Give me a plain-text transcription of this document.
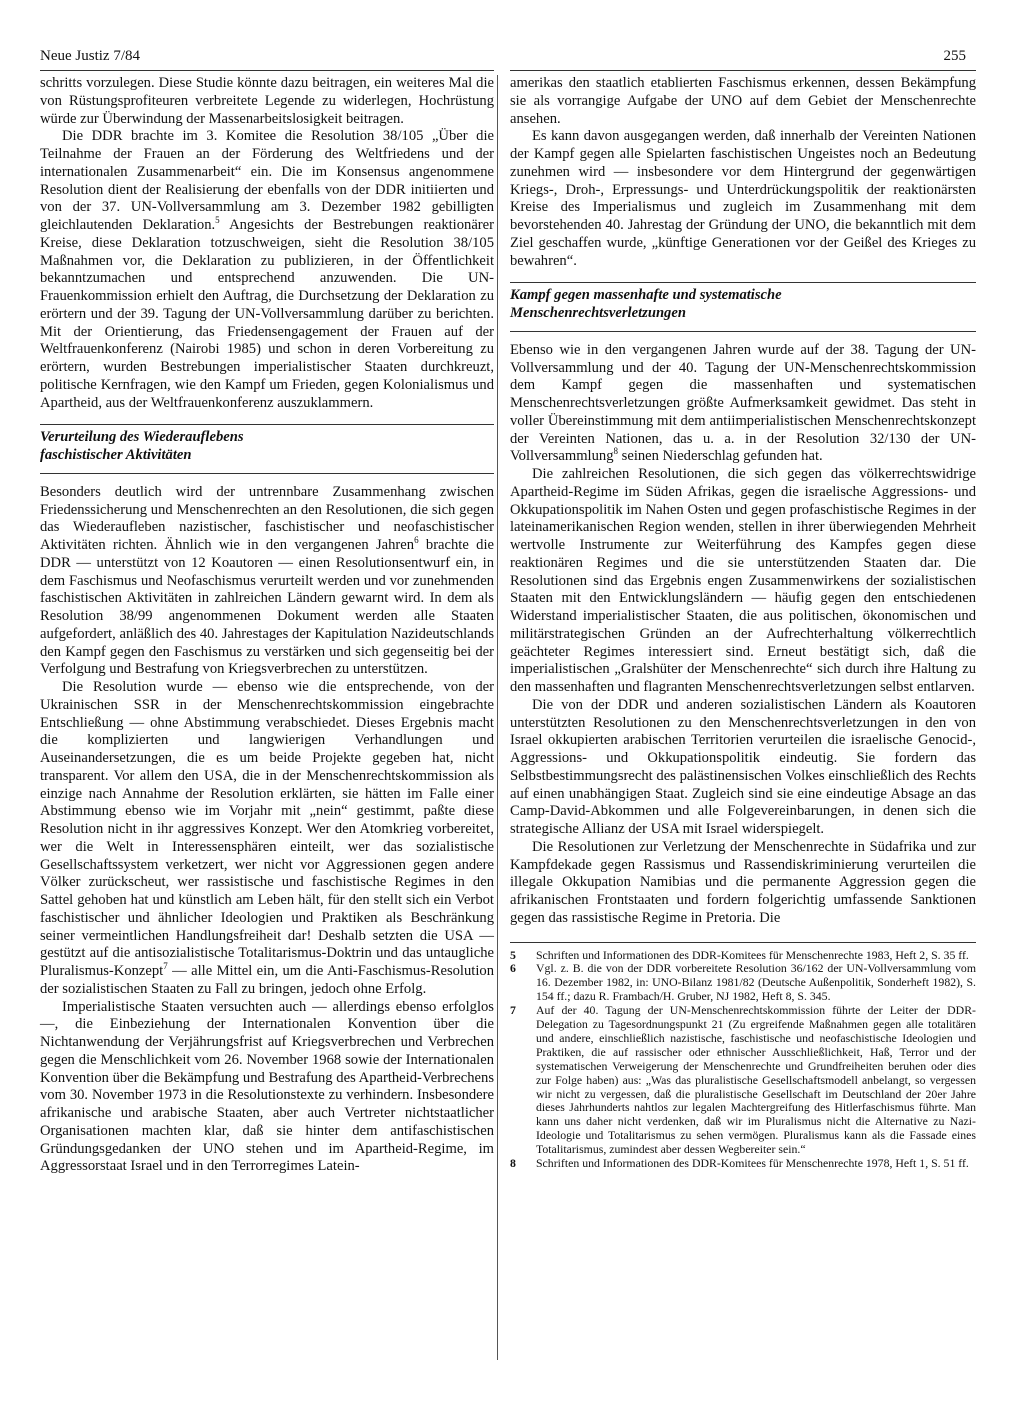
Neue Justiz 7/84	255

schritts vorzulegen. Diese Studie könnte dazu beitragen, ein weiteres Mal die von Rüstungsprofiteuren verbreitete Legende zu widerlegen, Hochrüstung würde zur Überwindung der Massenarbeitslosigkeit beitragen.

Die DDR brachte im 3. Komitee die Resolution 38/105 „Über die Teilnahme der Frauen an der Förderung des Weltfriedens und der internationalen Zusammenarbeit“ ein. Die im Konsensus angenommene Resolution dient der Realisierung der ebenfalls von der DDR initiierten und von der 37. UN-Vollversammlung am 3. Dezember 1982 gebilligten gleichlautenden Deklaration.$^5$ Angesichts der Bestrebungen reaktionärer Kreise, diese Deklaration totzuschweigen, sieht die Resolution 38/105 Maßnahmen vor, die Deklaration zu publizieren, in der Öffentlichkeit bekanntzumachen und entsprechend anzuwenden. Die UN-Frauenkommission erhielt den Auftrag, die Durchsetzung der Deklaration zu erörtern und der 39. Tagung der UN-Vollversammlung darüber zu berichten. Mit der Orientierung, das Friedensengagement der Frauen auf der Weltfrauenkonferenz (Nairobi 1985) und schon in deren Vorbereitung zu erörtern, wurden Bestrebungen imperialistischer Staaten durchkreuzt, politische Kernfragen, wie den Kampf um Frieden, gegen Kolonialismus und Apartheid, aus der Weltfrauenkonferenz auszuklammern.

Verurteilung des Wiederauflebens
faschistischer Aktivitäten

Besonders deutlich wird der untrennbare Zusammenhang zwischen Friedenssicherung und Menschenrechten an den Resolutionen, die sich gegen das Wiederaufleben nazistischer, faschistischer und neofaschistischer Aktivitäten richten. Ähnlich wie in den vergangenen Jahren$^6$ brachte die DDR — unterstützt von 12 Koautoren — einen Resolutionsentwurf ein, in dem Faschismus und Neofaschismus verurteilt werden und vor zunehmenden faschistischen Aktivitäten in zahlreichen Ländern gewarnt wird. In dem als Resolution 38/99 angenommenen Dokument werden alle Staaten aufgefordert, anläßlich des 40. Jahrestages der Kapitulation Nazideutschlands den Kampf gegen den Faschismus zu verstärken und sich gegenseitig bei der Verfolgung und Bestrafung von Kriegsverbrechen zu unterstützen.

Die Resolution wurde — ebenso wie die entsprechende, von der Ukrainischen SSR in der Menschenrechtskommission eingebrachte Entschließung — ohne Abstimmung verabschiedet. Dieses Ergebnis macht die komplizierten und langwierigen Verhandlungen und Auseinandersetzungen, die es um beide Projekte gegeben hat, nicht transparent. Vor allem den USA, die in der Menschenrechtskommission als einzige nach Annahme der Resolution erklärten, sie hätten im Falle einer Abstimmung ebenso wie im Vorjahr mit „nein“ gestimmt, paßte diese Resolution nicht in ihr aggressives Konzept. Wer den Atomkrieg vorbereitet, wer die Welt in Interessensphären einteilt, wer das sozialistische Gesellschaftssystem verketzert, wer nicht vor Aggressionen gegen andere Völker zurückscheut, wer rassistische und faschistische Regimes in den Sattel gehoben hat und künstlich am Leben hält, für den stellt sich ein Verbot faschistischer und ähnlicher Ideologien und Praktiken als Beschränkung seiner vermeintlichen Handlungsfreiheit dar! Deshalb setzten die USA — gestützt auf die antisozialistische Totalitarismus-Doktrin und das untaugliche Pluralismus-Konzept$^7$ — alle Mittel ein, um die Anti-Faschismus-Resolution der sozialistischen Staaten zu Fall zu bringen, jedoch ohne Erfolg.

Imperialistische Staaten versuchten auch — allerdings ebenso erfolglos —, die Einbeziehung der Internationalen Konvention über die Nichtanwendung der Verjährungsfrist auf Kriegsverbrechen und Verbrechen gegen die Menschlichkeit vom 26. November 1968 sowie der Internationalen Konvention über die Bekämpfung und Bestrafung des Apartheid-Verbrechens vom 30. November 1973 in die Resolutionstexte zu verhindern. Insbesondere afrikanische und arabische Staaten, aber auch Vertreter nichtstaatlicher Organisationen machten klar, daß sie hinter dem antifaschistischen Gründungsgedanken der UNO stehen und im Apartheid-Regime, im Aggressorstaat Israel und in den Terrorregimes Latein-

amerikas den staatlich etablierten Faschismus erkennen, dessen Bekämpfung sie als vorrangige Aufgabe der UNO auf dem Gebiet der Menschenrechte ansehen.

Es kann davon ausgegangen werden, daß innerhalb der Vereinten Nationen der Kampf gegen alle Spielarten faschistischen Ungeistes noch an Bedeutung zunehmen wird — insbesondere vor dem Hintergrund der gegenwärtigen Kriegs-, Droh-, Erpressungs- und Unterdrückungspolitik der reaktionärsten Kreise des Imperialismus und zugleich im Zusammenhang mit dem bevorstehenden 40. Jahrestag der Gründung der UNO, die bekanntlich mit dem Ziel geschaffen wurde, „künftige Generationen vor der Geißel des Krieges zu bewahren“.

Kampf gegen massenhafte und systematische
Menschenrechtsverletzungen

Ebenso wie in den vergangenen Jahren wurde auf der 38. Tagung der UN-Vollversammlung und der 40. Tagung der UN-Menschenrechtskommission dem Kampf gegen die massenhaften und systematischen Menschenrechtsverletzungen größte Aufmerksamkeit gewidmet. Das steht in voller Übereinstimmung mit dem antiimperialistischen Menschenrechtskonzept der Vereinten Nationen, das u. a. in der Resolution 32/130 der UN-Vollversammlung$^8$ seinen Niederschlag gefunden hat.

Die zahlreichen Resolutionen, die sich gegen das völkerrechtswidrige Apartheid-Regime im Süden Afrikas, gegen die israelische Aggressions- und Okkupationspolitik im Nahen Osten und gegen profaschistische Regimes in der lateinamerikanischen Region wenden, stellen in ihrer überwiegenden Mehrheit wertvolle Instrumente zur Weiterführung des Kampfes gegen diese reaktionären Regimes und die sie unterstützenden Staaten dar. Die Resolutionen sind das Ergebnis engen Zusammenwirkens der sozialistischen Staaten mit den Entwicklungsländern — häufig gegen den entschiedenen Widerstand imperialistischer Staaten, die aus politischen, ökonomischen und militärstrategischen Gründen an der Aufrechterhaltung völkerrechtlich geächteter Regimes interessiert sind. Erneut bestätigt sich, daß die imperialistischen „Gralshüter der Menschenrechte“ sich durch ihre Haltung zu den massenhaften und flagranten Menschenrechtsverletzungen selbst entlarven.

Die von der DDR und anderen sozialistischen Ländern als Koautoren unterstützten Resolutionen zu den Menschenrechtsverletzungen in den von Israel okkupierten arabischen Territorien verurteilen die israelische Genocid-, Aggressions- und Okkupationspolitik eindeutig. Sie fordern das Selbstbestimmungsrecht des palästinensischen Volkes einschließlich des Rechts auf einen unabhängigen Staat. Zugleich sind sie eine eindeutige Absage an das Camp-David-Abkommen und alle Folgevereinbarungen, in denen sich die strategische Allianz der USA mit Israel widerspiegelt.

Die Resolutionen zur Verletzung der Menschenrechte in Südafrika und zur Kampfdekade gegen Rassismus und Rassendiskriminierung verurteilen die illegale Okkupation Namibias und die permanente Aggression gegen die afrikanischen Frontstaaten und fordern folgerichtig umfassende Sanktionen gegen das rassistische Regime in Pretoria. Die

5	Schriften und Informationen des DDR-Komitees für Menschenrechte 1983, Heft 2, S. 35 ff.
6	Vgl. z. B. die von der DDR vorbereitete Resolution 36/162 der UN-Vollversammlung vom 16. Dezember 1982, in: UNO-Bilanz 1981/82 (Deutsche Außenpolitik, Sonderheft 1982), S. 154 ff.; dazu R. Frambach/H. Gruber, NJ 1982, Heft 8, S. 345.
7	Auf der 40. Tagung der UN-Menschenrechtskommission führte der Leiter der DDR-Delegation zu Tagesordnungspunkt 21 (Zu ergreifende Maßnahmen gegen alle totalitären und andere, einschließlich nazistische, faschistische und neofaschistische Ideologien und Praktiken, die auf rassischer oder ethnischer Ausschließlichkeit, Haß, Terror und der systematischen Verweigerung der Menschenrechte und Grundfreiheiten beruhen oder dies zur Folge haben) aus: „Was das pluralistische Gesellschaftsmodell anbelangt, so vergessen wir nicht zu vergessen, daß die pluralistische Gesellschaft im Deutschland der 20er Jahre dieses Jahrhunderts nahtlos zur legalen Machtergreifung des Hitlerfaschismus führte. Man kann uns daher nicht verdenken, daß wir im Pluralismus nicht die Alternative zu Nazi-Ideologie und Totalitarismus zu sehen vermögen. Pluralismus kann als die Fassade eines Totalitarismus, zumindest aber dessen Wegbereiter sein.“
8	Schriften und Informationen des DDR-Komitees für Menschenrechte 1978, Heft 1, S. 51 ff.
